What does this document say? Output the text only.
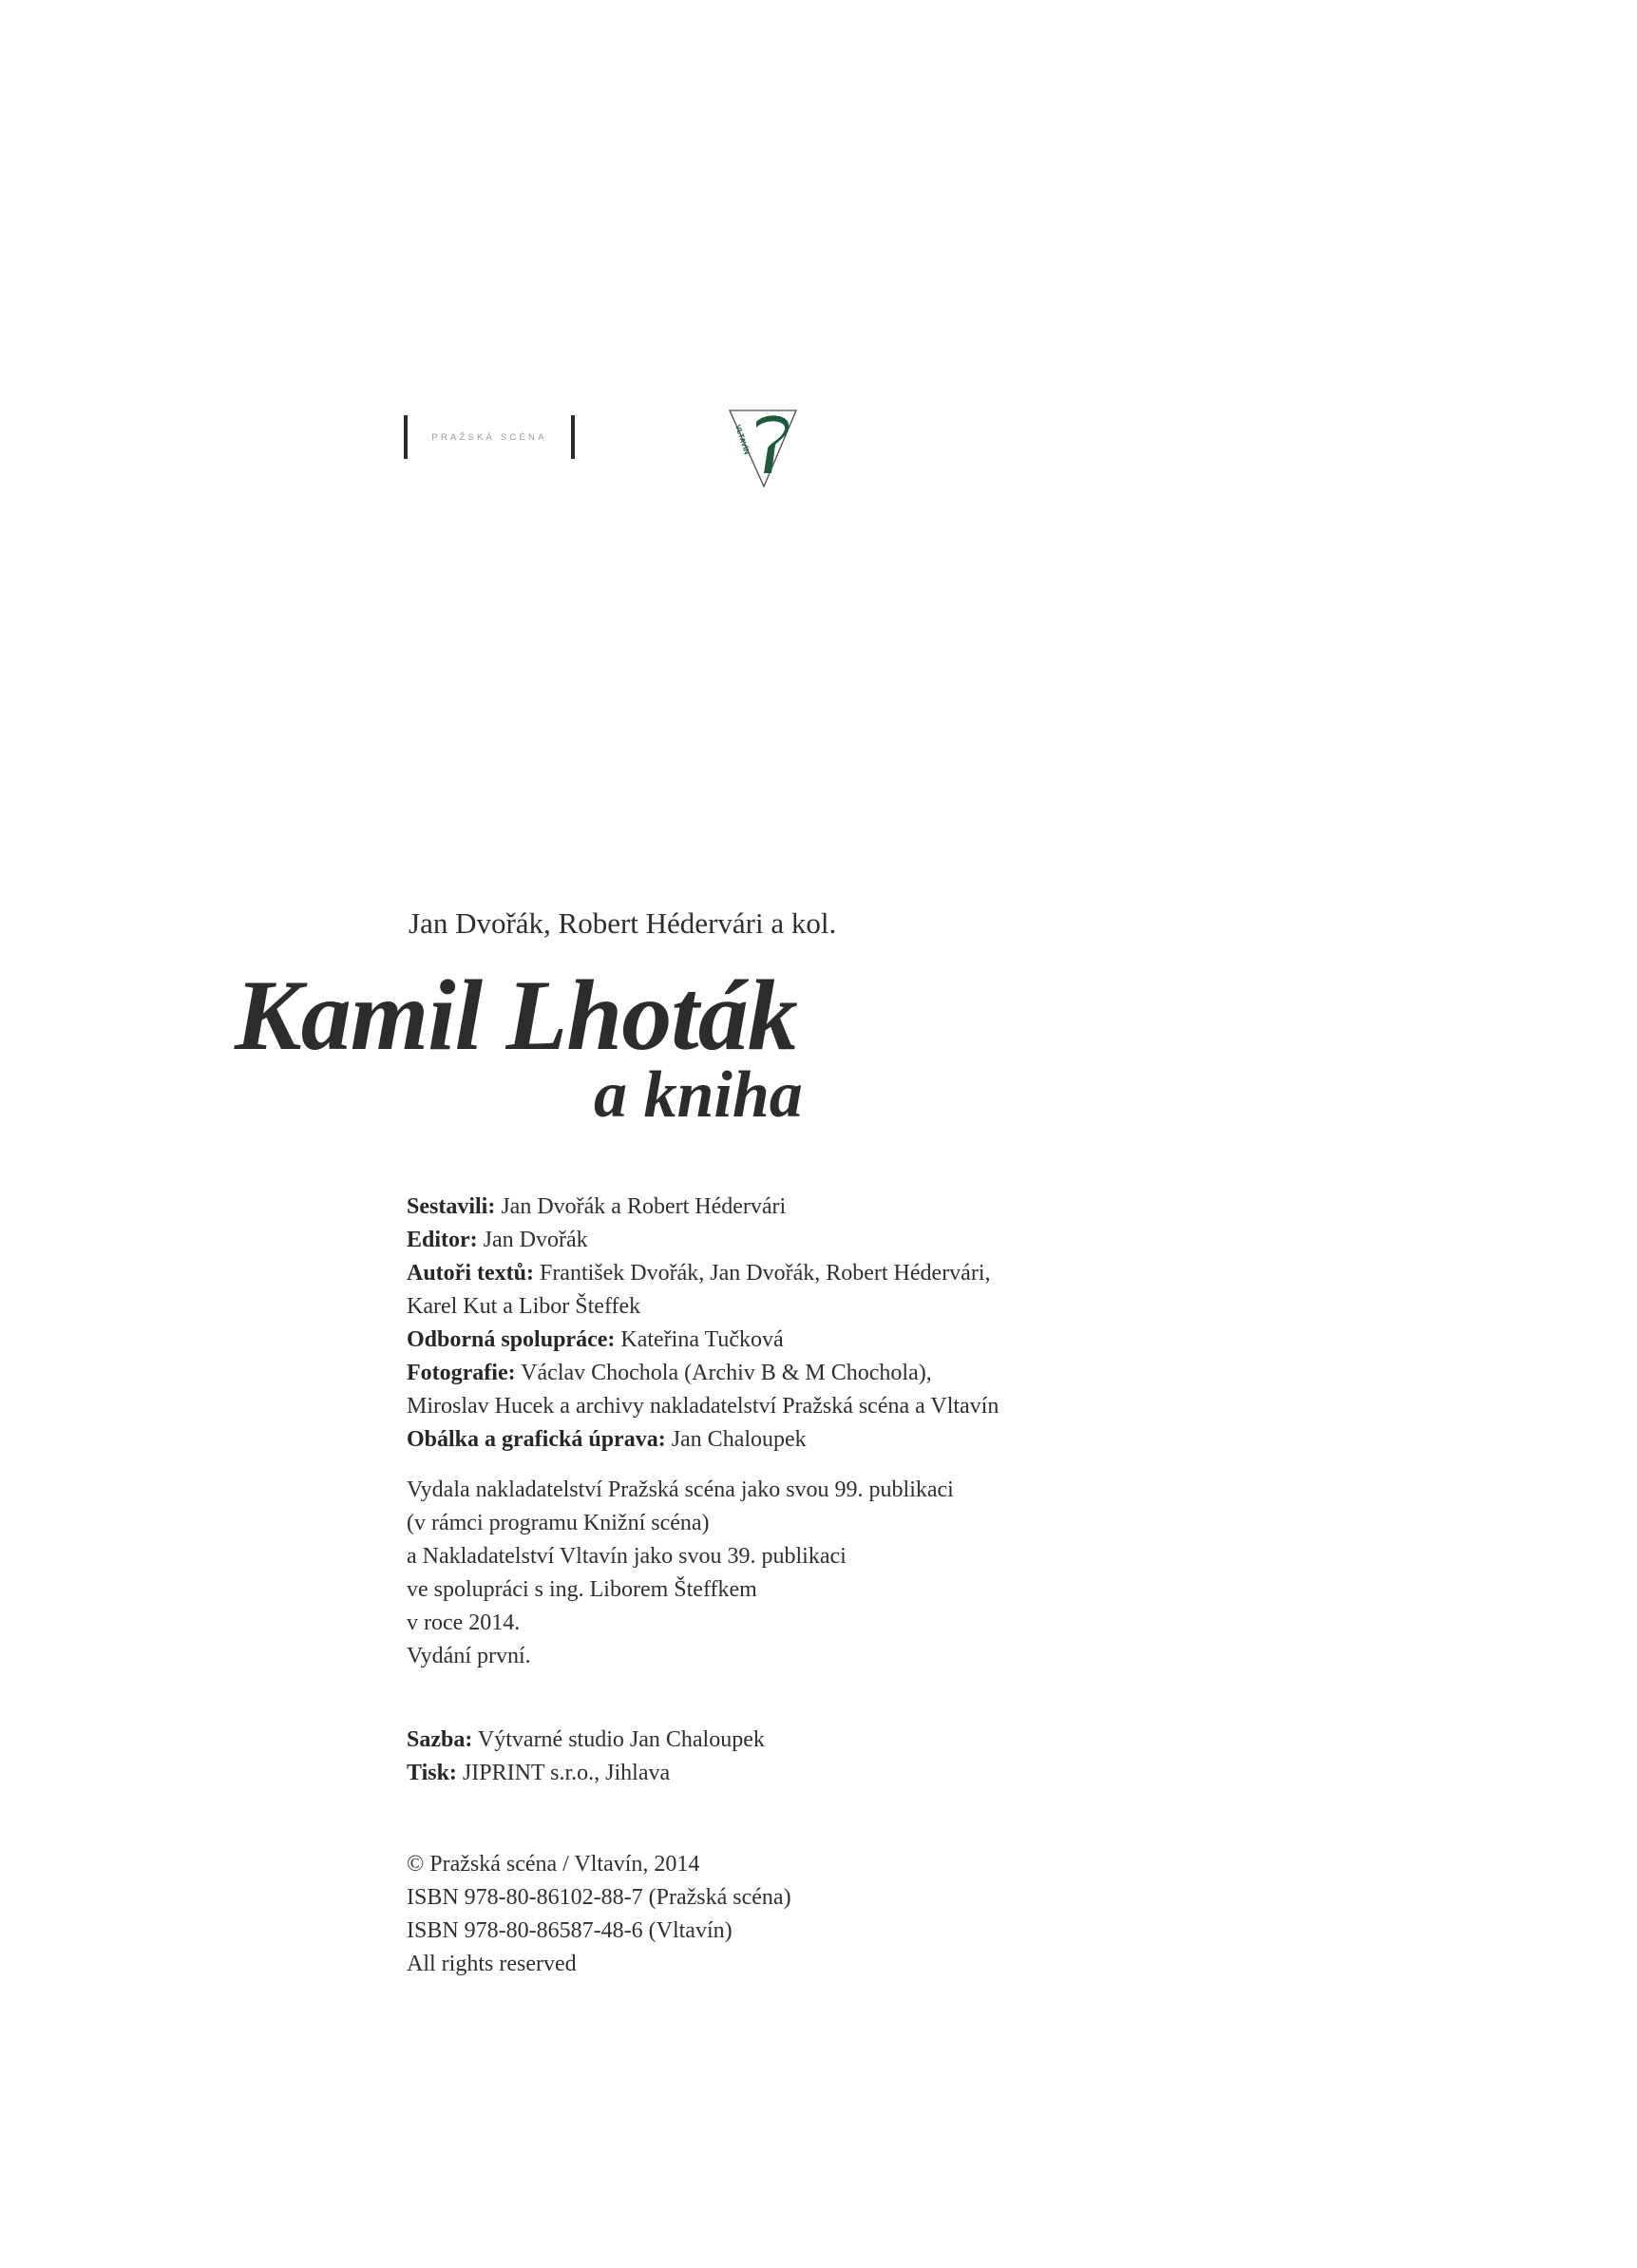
PRAŽSKÁ SCÉNA	VLTAVÍN
Jan Dvořák, Robert Hédervári a kol.
Kamil Lhoták
a kniha
Sestavili: Jan Dvořák a Robert Hédervári
Editor: Jan Dvořák
Autoři textů: František Dvořák, Jan Dvořák, Robert Hédervári,
Karel Kut a Libor Šteffek
Odborná spolupráce: Kateřina Tučková
Fotografie: Václav Chochola (Archiv B & M Chochola),
Miroslav Hucek a archivy nakladatelství Pražská scéna a Vltavín
Obálka a grafická úprava: Jan Chaloupek
Vydala nakladatelství Pražská scéna jako svou 99. publikaci
(v rámci programu Knižní scéna)
a Nakladatelství Vltavín jako svou 39. publikaci
ve spolupráci s ing. Liborem Šteffkem
v roce 2014.
Vydání první.
Sazba: Výtvarné studio Jan Chaloupek
Tisk: JIPRINT s.r.o., Jihlava
© Pražská scéna / Vltavín, 2014
ISBN 978-80-86102-88-7 (Pražská scéna)
ISBN 978-80-86587-48-6 (Vltavín)
All rights reserved
